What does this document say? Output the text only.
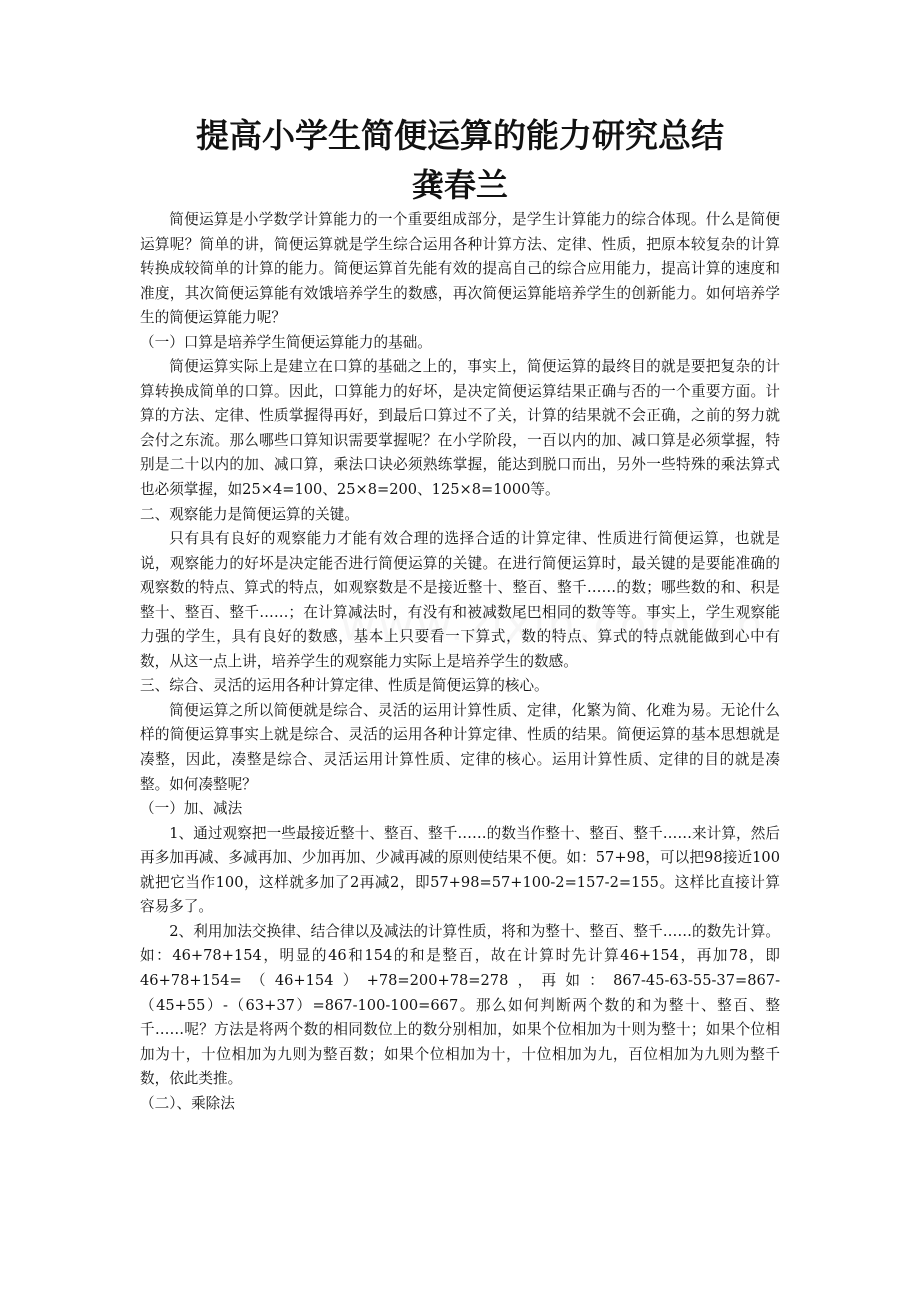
提高小学生简便运算的能力研究总结
龚春兰

简便运算是小学数学计算能力的一个重要组成部分，是学生计算能力的综合体现。什么是简便运算呢？简单的讲，简便运算就是学生综合运用各种计算方法、定律、性质，把原本较复杂的计算转换成较简单的计算的能力。简便运算首先能有效的提高自己的综合应用能力，提高计算的速度和准度，其次简便运算能有效饿培养学生的数感，再次简便运算能培养学生的创新能力。如何培养学生的简便运算能力呢？

（一）口算是培养学生简便运算能力的基础。

简便运算实际上是建立在口算的基础之上的，事实上，简便运算的最终目的就是要把复杂的计算转换成简单的口算。因此，口算能力的好坏，是决定简便运算结果正确与否的一个重要方面。计算的方法、定律、性质掌握得再好，到最后口算过不了关，计算的结果就不会正确，之前的努力就会付之东流。那么哪些口算知识需要掌握呢？在小学阶段，一百以内的加、减口算是必须掌握，特别是二十以内的加、减口算，乘法口诀必须熟练掌握，能达到脱口而出，另外一些特殊的乘法算式也必须掌握，如25×4=100、25×8=200、125×8=1000等。

二、观察能力是简便运算的关键。

只有具有良好的观察能力才能有效合理的选择合适的计算定律、性质进行简便运算，也就是说，观察能力的好坏是决定能否进行简便运算的关键。在进行简便运算时，最关键的是要能准确的观察数的特点、算式的特点，如观察数是不是接近整十、整百、整千……的数；哪些数的和、积是整十、整百、整千……；在计算减法时，有没有和被减数尾巴相同的数等等。事实上，学生观察能力强的学生，具有良好的数感，基本上只要看一下算式，数的特点、算式的特点就能做到心中有数，从这一点上讲，培养学生的观察能力实际上是培养学生的数感。

三、综合、灵活的运用各种计算定律、性质是简便运算的核心。

简便运算之所以简便就是综合、灵活的运用计算性质、定律，化繁为简、化难为易。无论什么样的简便运算事实上就是综合、灵活的运用各种计算定律、性质的结果。简便运算的基本思想就是凑整，因此，凑整是综合、灵活运用计算性质、定律的核心。运用计算性质、定律的目的就是凑整。如何凑整呢？

（一）加、减法

1、通过观察把一些最接近整十、整百、整千……的数当作整十、整百、整千……来计算，然后再多加再减、多减再加、少加再加、少减再减的原则使结果不便。如：57+98，可以把98接近100就把它当作100，这样就多加了2再减2，即57+98=57+100-2=157-2=155。这样比直接计算容易多了。

2、利用加法交换律、结合律以及减法的计算性质，将和为整十、整百、整千……的数先计算。如：46+78+154，明显的46和154的和是整百，故在计算时先计算46+154，再加78，即46+78+154=（46+154）+78=200+78=278，再如：867-45-63-55-37=867-（45+55）-（63+37）=867-100-100=667。那么如何判断两个数的和为整十、整百、整千……呢？方法是将两个数的相同数位上的数分别相加，如果个位相加为十则为整十；如果个位相加为十，十位相加为九则为整百数；如果个位相加为十，十位相加为九，百位相加为九则为整千数，依此类推。

（二）、乘除法
